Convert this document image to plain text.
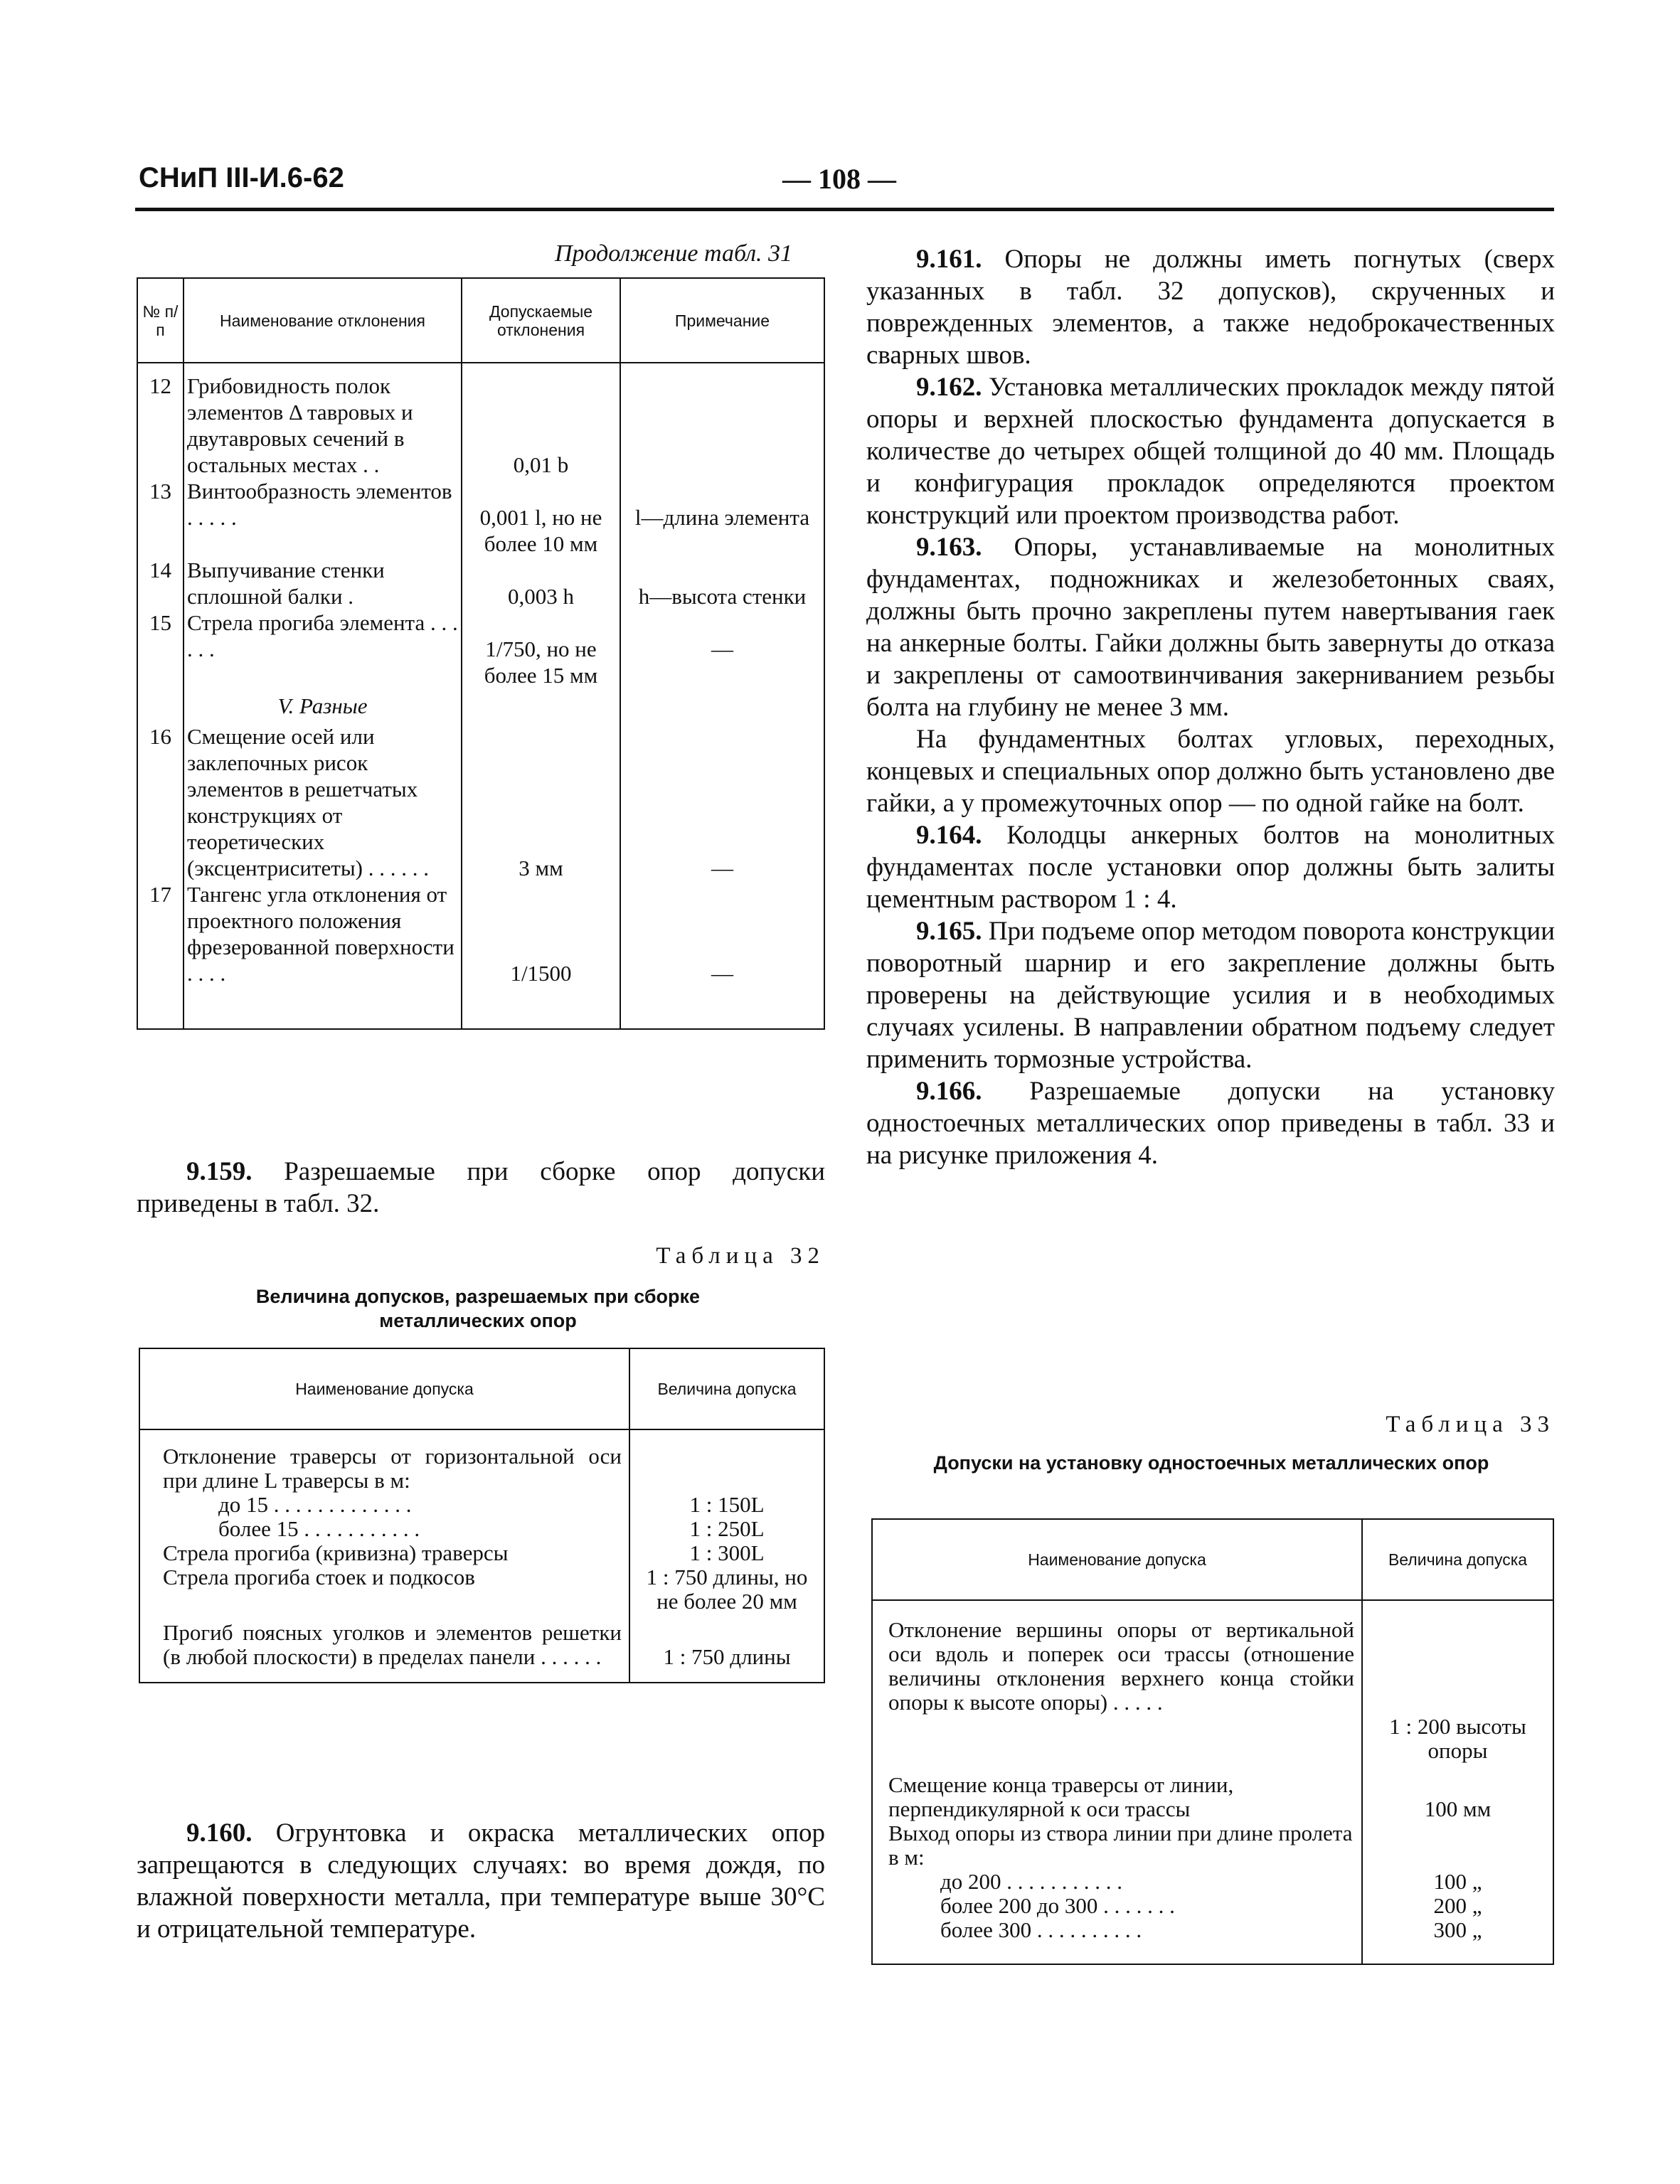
СНиП III-И.6-62	— 108 —
Продолжение табл. 31
№ п/п	Наименование отклонения	Допускаемые отклонения	Примечание

12	Грибовидность полок элементов Δ тавровых и двутавровых сечений в остальных местах . .	0,01 b	
13	Винтообразность элементов . . . . .	0,001 l, но не более 10 мм	l—длина элемента
14	Выпучивание стенки сплошной балки .	0,003 h	h—высота стенки
15	Стрела прогиба элемента . . . . . .	1/750, но не более 15 мм	—
	V. Разные		
16	Смещение осей или заклепочных рисок элементов в решетчатых конструкциях от теоретических (эксцентриситеты) . . . . . .	3 мм	—
17	Тангенс угла отклонения от проектного положения фрезерованной поверхности . . . .	1/1500	—

9.159. Разрешаемые при сборке опор допуски приведены в табл. 32.

Таблица 32
Величина допусков, разрешаемых при сборке металлических опор
Наименование допуска	Величина допуска

Отклонение траверсы от горизонтальной оси при длине L траверсы в м:	
до 15 . . . . . . . . . . . . .	1 : 150L
более 15 . . . . . . . . . . .	1 : 250L
Стрела прогиба (кривизна) траверсы	1 : 300L
Стрела прогиба стоек и подкосов	1 : 750 длины, но не более 20 мм
Прогиб поясных уголков и элементов решетки (в любой плоскости) в пределах панели . . . . . .	1 : 750 длины

9.160. Огрунтовка и окраска металлических опор запрещаются в следующих случаях: во время дождя, по влажной поверхности металла, при температуре выше 30°С и отрицательной температуре.

9.161. Опоры не должны иметь погнутых (сверх указанных в табл. 32 допусков), скрученных и поврежденных элементов, а также недоброкачественных сварных швов.

9.162. Установка металлических прокладок между пятой опоры и верхней плоскостью фундамента допускается в количестве до четырех общей толщиной до 40 мм. Площадь и конфигурация прокладок определяются проектом конструкций или проектом производства работ.

9.163. Опоры, устанавливаемые на монолитных фундаментах, подножниках и железобетонных сваях, должны быть прочно закреплены путем навертывания гаек на анкерные болты. Гайки должны быть завернуты до отказа и закреплены от самоотвинчивания закерниванием резьбы болта на глубину не менее 3 мм.

На фундаментных болтах угловых, переходных, концевых и специальных опор должно быть установлено две гайки, а у промежуточных опор — по одной гайке на болт.

9.164. Колодцы анкерных болтов на монолитных фундаментах после установки опор должны быть залиты цементным раствором 1 : 4.

9.165. При подъеме опор методом поворота конструкции поворотный шарнир и его закрепление должны быть проверены на действующие усилия и в необходимых случаях усилены. В направлении обратном подъему следует применить тормозные устройства.

9.166. Разрешаемые допуски на установку одностоечных металлических опор приведены в табл. 33 и на рисунке приложения 4.

Таблица 33
Допуски на установку одностоечных металлических опор
Наименование допуска	Величина допуска

Отклонение вершины опоры от вертикальной оси вдоль и поперек оси трассы (отношение величины отклонения верхнего конца стойки опоры к высоте опоры) . . . . .	1 : 200 высоты опоры
Смещение конца траверсы от линии, перпендикулярной к оси трассы	100 мм
Выход опоры из створа линии при длине пролета в м:	
до 200 . . . . . . . . . . .	100 „
более 200 до 300 . . . . . . .	200 „
более 300 . . . . . . . . . .	300 „
